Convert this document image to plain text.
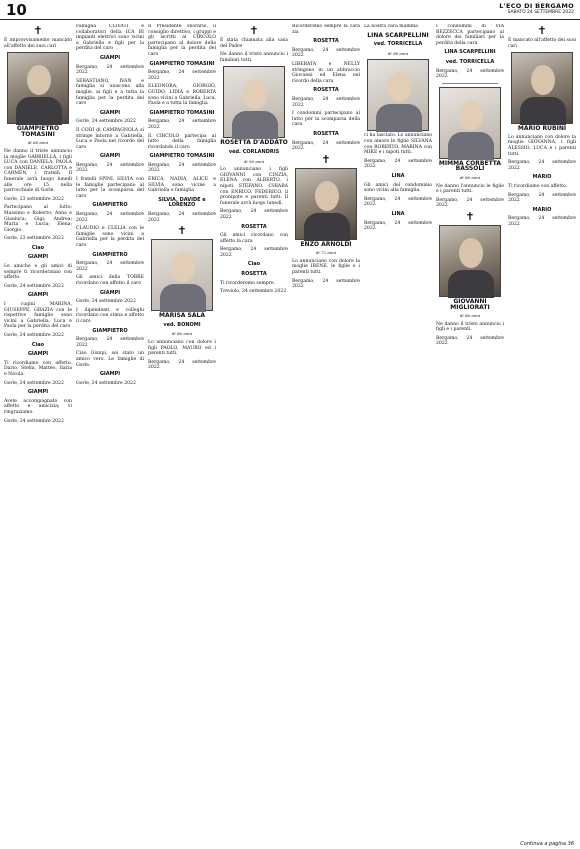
10	L'ECO DI BERGAMO
SABATO 24 SETTEMBRE 2022
✝

È improvvisamente mancato all'affetto dei suoi cari

GIAMPIETRO TOMASINI
di 66 anni

Ne danno il triste annuncio la moglie GABRIELLA, i figli LUCA con DANIELA, PAOLA con DANIELE, CARLOTTA e CARMEN, i fratelli. Il funerale avrà luogo lunedì alle ore 15 nella parrocchiale di Gorle.

Gorle, 23 settembre 2022

Partecipano al lutto: Massimo e Roberto; Anna e Gianluca; Gigi; Andrea; Marta e Lucia; Elena; Giorgio.

Gorle, 23 settembre 2022

Ciao
GIAMPI

Le amiche e gli amici di sempre ti ricorderanno con affetto.

Gorle, 24 settembre 2022

GIAMPI

I cugini MARINA, GIUSEPPE, GRAZIA con le rispettive famiglie sono vicini a Gabriella, Luca e Paola per la perdita del caro

Gorle, 24 settembre 2022

Ciao
GIAMPI

Ti ricordiamo con affetto. Dario, Stella, Matteo, Ilaria e Nicola.

Gorle, 24 settembre 2022

GIAMPI

Avete accompagnato con affetto e amicizia; vi ringraziamo.

Gorle, 24 settembre 2022

Famiglia CLIVATI e collaboratori della ICA BI impianti elettrici sono vicini a Gabriella e figli per la perdita del caro

GIAMPI

Bergamo, 24 settembre 2022

SEBASTIANO, IVAN e famiglia si uniscono alla moglie, ai figli e a tutta la famiglia per la perdita del caro

GIAMPI

Gorle, 24 settembre 2022

Il CODI di CAMPAGNOLA si stringe intorno a Gabriella, Luca e Paola nel ricordo del caro

GIAMPI

Bergamo, 24 settembre 2022

I fratelli SPINI, SILVIA con le famiglie partecipano al lutto per la scomparsa del caro

GIAMPIETRO

Bergamo, 24 settembre 2022

CLAUDIO e CLELIA con le famiglie sono vicini a Gabriella per la perdita del caro

GIAMPIETRO

Bergamo, 24 settembre 2022

Gli amici della TORRE ricordano con affetto il caro

GIAMPI

Gorle, 24 settembre 2022

I dipendenti e colleghi ricordano con stima e affetto il caro

GIAMPIETRO

Bergamo, 24 settembre 2022

Ciao Gianpi, sei stato un amico vero. Le famiglie di Gorle.

GIAMPI

Gorle, 24 settembre 2022

Il Presidente onorario, il consiglio direttivo, i gruppi e gli iscritti al CIRCOLO partecipano al dolore della famiglia per la perdita del caro

GIAMPIETRO TOMASINI

Bergamo, 24 settembre 2022

ELEONORA, GIORGIO, GUIDO, LIDIA e ROBERTA sono vicini a Gabriella, Luca, Paola e a tutta la famiglia

GIAMPIETRO TOMASINI

Bergamo, 24 settembre 2022

Il CIRCOLO partecipa al lutto della famiglia ricordando il caro

GIAMPIETRO TOMASINI

Bergamo, 24 settembre 2022

ERICA, NADIA, ALICE e SILVIA sono vicine a Gabriella e famiglia

SILVIA, DAVIDE e LORENZO

Bergamo, 24 settembre 2022

✝
MARISA SALA
ved. BONOMI
di 86 anni

Lo annunciano con dolore i figli PAOLO, MAURO ed i parenti tutti.

Bergamo, 24 settembre 2022

✝

È stata chiamata alla casa del Padre

Ne danno il triste annuncio i familiari tutti.

ROSETTA D'ADDATO
ved. CORLANDRIS
di 90 anni

Lo annunciano i figli GIOVANNI con CINZIA, ELENA con ALBERTO, i nipoti STEFANO, CHIARA con ENRICO, FEDERICO, il pronipote e parenti tutti. Il funerale avrà luogo lunedì.

Bergamo, 24 settembre 2022

ROSETTA

Gli amici ricordano con affetto la cara

Bergamo, 24 settembre 2022

Ciao
ROSETTA

Ti ricorderemo sempre.

Treviolo, 24 settembre 2022

Ricorderemo sempre la cara zia

ROSETTA

Bergamo, 24 settembre 2022

LIBERATA e NELLY stringono in un abbraccio Giovanni ed Elena nel ricordo della cara

ROSETTA

Bergamo, 24 settembre 2022

I condomini partecipano al lutto per la scomparsa della cara

ROSETTA

Bergamo, 24 settembre 2022

✝
ENZO ARNOLDI
di 72 anni

Lo annunciano con dolore la moglie IRENE, le figlie e i parenti tutti.

Bergamo, 24 settembre 2022

La nostra cara mamma

LINA SCARPELLINI
ved. TORRICELLA
di 98 anni

ci ha lasciato. Lo annunciano con amore le figlie SILVANA con ROBERTO, MARINA con MIKE e i nipoti tutti.

Bergamo, 24 settembre 2022

LINA

Gli amici del condominio sono vicini alla famiglia.

Bergamo, 24 settembre 2022

LINA

Bergamo, 24 settembre 2022

I condomini di VIA BEZZECCA partecipano al dolore dei familiari per la perdita della cara

LINA SCARPELLINI
ved. TORRICELLA

Bergamo, 24 settembre 2022

MIMMA CORBETTA BASSOLI
di 86 anni

Ne danno l'annuncio le figlie e i parenti tutti.

Bergamo, 24 settembre 2022

✝
GIOVANNI MIGLIORATI
di 86 anni

Ne danno il triste annuncio i figli e i parenti.

Bergamo, 24 settembre 2022

✝

È mancato all'affetto dei suoi cari

MARIO RUBINI

Lo annunciano con dolore la moglie GIOVANNA, i figli ALESSIO, LUCA e i parenti tutti.

Bergamo, 24 settembre 2022

MARIO

Ti ricordiamo con affetto.

Bergamo, 24 settembre 2022

MARIO

Bergamo, 24 settembre 2022

Continua a pagina 36
